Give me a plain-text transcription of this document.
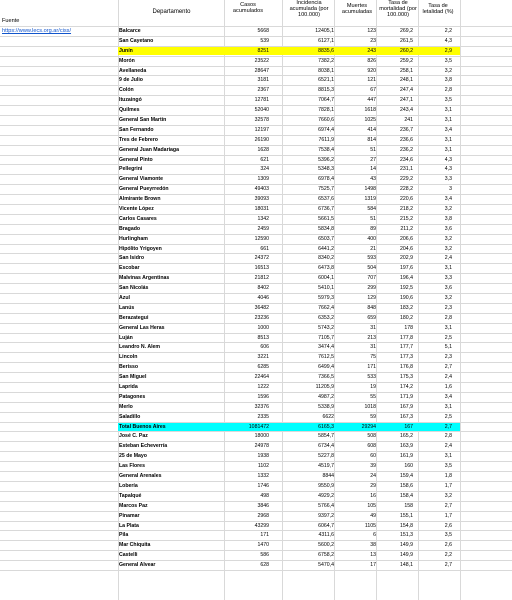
Departamento
Casos acumulados
Incidencia acumulada (por 100.000)
Muertes acumuladas
Tasa de mortalidad (por 100.000)
Tasa de letalidad (%)
Fuente
https://www.lecs.org.ar/ciss/	Balcarce	5668	12405,1	123	269,2	2,2
San Cayetano	539	6127,1	23	261,5	4,3
Junín	8251	8835,6	243	260,2	2,9
Morón	23522	7382,2	826	259,2	3,5
Avellaneda	28647	8038,1	920	258,1	3,2
9 de Julio	3181	6521,1	121	248,1	3,8
Colón	2367	8815,3	67	247,4	2,8
Ituzaingó	12781	7064,7	447	247,1	3,5
Quilmes	52040	7828,1	1618	243,4	3,1
General San Martín	32578	7660,6	1025	241	3,1
San Fernando	12197	6974,4	414	236,7	3,4
Tres de Febrero	26190	7611,9	814	236,6	3,1
General Juan Madariaga	1628	7538,4	51	236,2	3,1
General Pinto	621	5396,2	27	234,6	4,3
Pellegrini	324	5348,3	14	231,1	4,3
General Viamonte	1309	6978,4	43	229,2	3,3
General Pueyrredón	49403	7525,7	1498	228,2	3
Almirante Brown	39093	6537,6	1319	220,6	3,4
Vicente López	18031	6736,7	584	218,2	3,2
Carlos Casares	1342	5661,5	51	215,2	3,8
Bragado	2459	5834,8	89	211,2	3,6
Hurlingham	12590	6503,7	400	206,6	3,2
Hipólito Yrigoyen	661	6441,2	21	204,6	3,2
San Isidro	24372	8340,2	593	202,9	2,4
Escobar	16513	6473,8	504	197,6	3,1
Malvinas Argentinas	21812	6004,1	707	196,4	3,3
San Nicolás	8402	5410,1	299	192,5	3,6
Azul	4046	5979,3	129	190,6	3,2
Lanús	36482	7662,4	848	183,2	2,3
Berazategui	23236	6353,2	659	180,2	2,8
General Las Heras	1000	5743,2	31	178	3,1
Luján	8513	7105,7	213	177,8	2,5
Leandro N. Alem	606	3474,4	31	177,7	5,1
Lincoln	3221	7612,5	75	177,3	2,3
Berisso	6285	6499,4	171	176,8	2,7
San Miguel	22464	7366,5	533	175,3	2,4
Laprida	1222	11205,9	19	174,2	1,6
Patagones	1596	4987,2	55	171,9	3,4
Merlo	32376	5338,9	1018	167,9	3,1
Saladillo	2335	6622	59	167,3	2,5
Total Buenos Aires	1081472	6165,3	29294	167	2,7
José C. Paz	18000	5854,7	508	165,2	2,8
Esteban Echeverría	24978	6734,4	608	163,9	2,4
25 de Mayo	1938	5227,8	60	161,9	3,1
Las Flores	1102	4519,7	39	160	3,5
General Arenales	1332	8844	24	159,4	1,8
Lobería	1746	9550,9	29	158,6	1,7
Tapalqué	498	4929,2	16	158,4	3,2
Marcos Paz	3846	5766,4	105	158	2,7
Pinamar	2968	9397,2	49	155,1	1,7
La Plata	43299	6064,7	1105	154,8	2,6
Pila	171	4311,6	6	151,3	3,5
Mar Chiquita	1470	5600,2	38	149,9	2,6
Castelli	586	6758,2	13	149,9	2,2
General Alvear	628	5470,4	17	148,1	2,7
